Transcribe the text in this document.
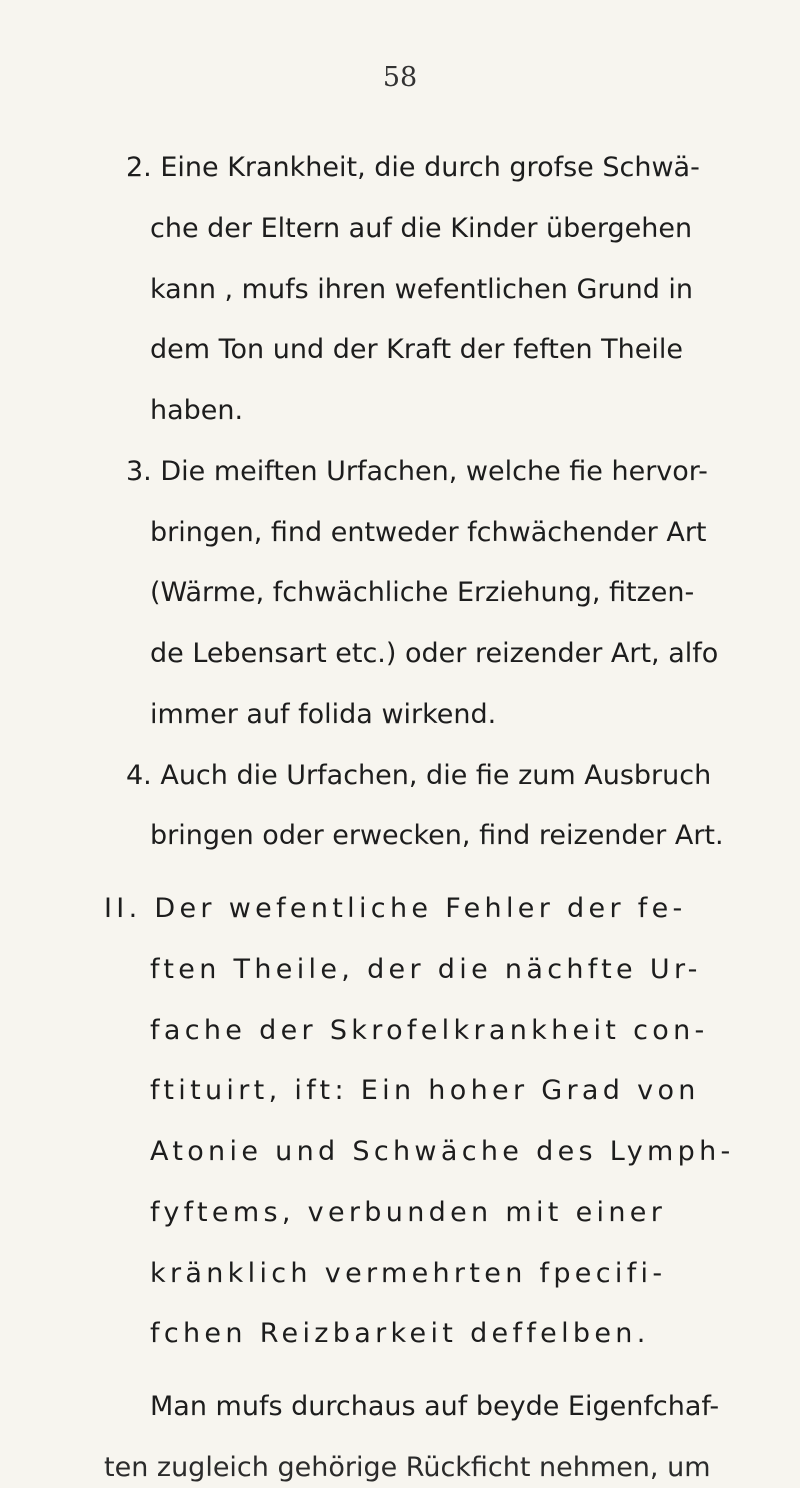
58
2. Eine Krankheit, die durch grofse Schwä‐
che der Eltern auf die Kinder übergehen
kann , mufs ihren wefentlichen Grund in
dem Ton und der Kraft der feften Theile
haben.
3. Die meiften Urfachen, welche fie hervor-
bringen, find entweder fchwächender Art
(Wärme, fchwächliche Erziehung, fitzen-
de Lebensart etc.) oder reizender Art, alfo
immer auf folida wirkend.
4. Auch die Urfachen, die fie zum Ausbruch
bringen oder erwecken, find reizender Art.
II. Der wefentliche Fehler der fe-
ften Theile, der die nächfte Ur-
fache der Skrofelkrankheit con-
ftituirt, ift: Ein hoher Grad von
Atonie und Schwäche des Lymph-
fyftems, verbunden mit einer
kränklich vermehrten fpecifi-
fchen Reizbarkeit deffelben.
Man mufs durchaus auf beyde Eigenfchaf-
ten zugleich gehörige Rückficht nehmen, um
